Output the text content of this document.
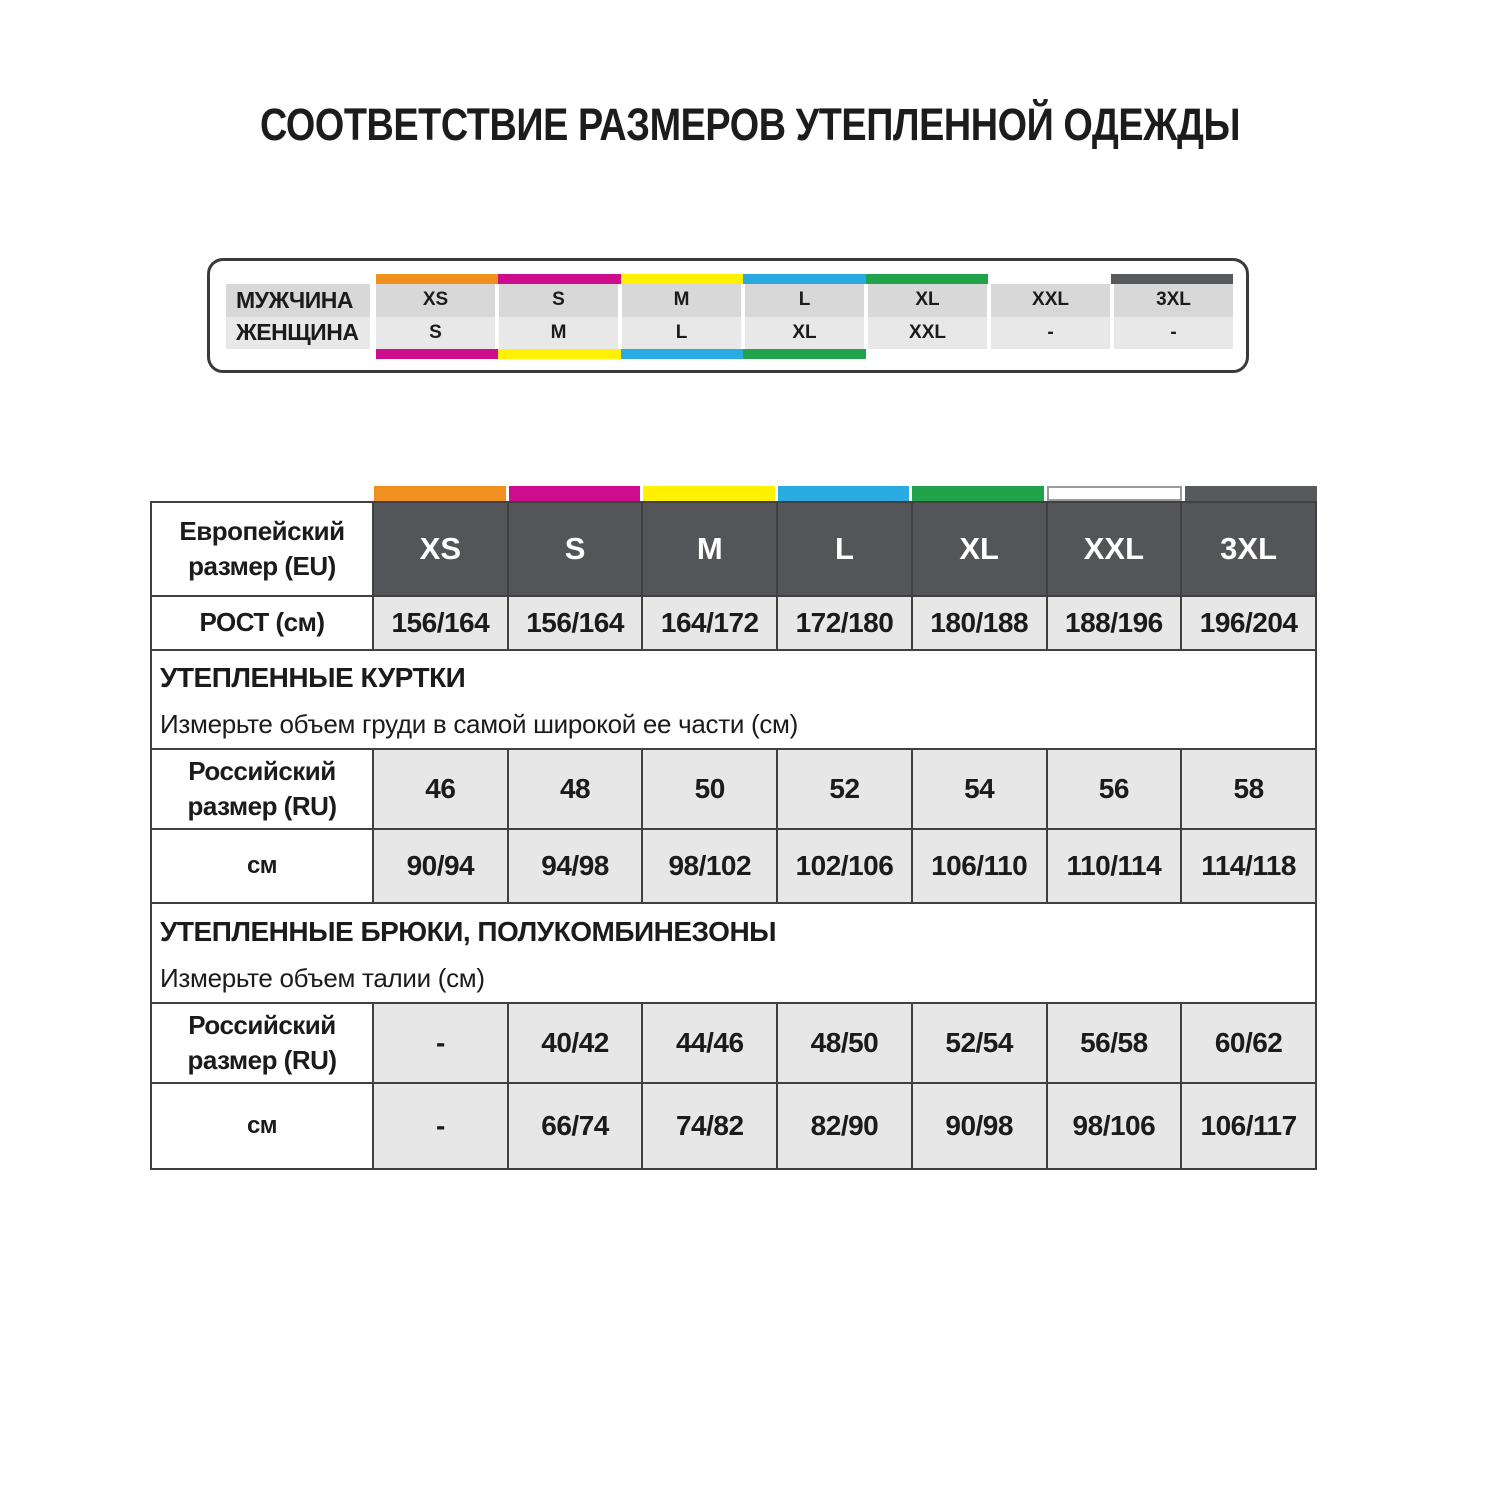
СООТВЕТСТВИЕ РАЗМЕРОВ УТЕПЛЕННОЙ ОДЕЖДЫ
МУЖЧИНА	XS	S	M	L	XL	XXL	3XL
ЖЕНЩИНА	S	M	L	XL	XXL	-	-
Европейский размер (EU)	XS	S	M	L	XL	XXL	3XL
РОСТ (см)	156/164	156/164	164/172	172/180	180/188	188/196	196/204

УТЕПЛЕННЫЕ КУРТКИ
Измерьте объем груди в самой широкой ее части (см)							

Российский размер (RU)	46	48	50	52	54	56	58
см	90/94	94/98	98/102	102/106	106/110	110/114	114/118

УТЕПЛЕННЫЕ БРЮКИ, ПОЛУКОМБИНЕЗОНЫ
Измерьте объем талии (см)							

Российский размер (RU)	-	40/42	44/46	48/50	52/54	56/58	60/62
см	-	66/74	74/82	82/90	90/98	98/106	106/117
